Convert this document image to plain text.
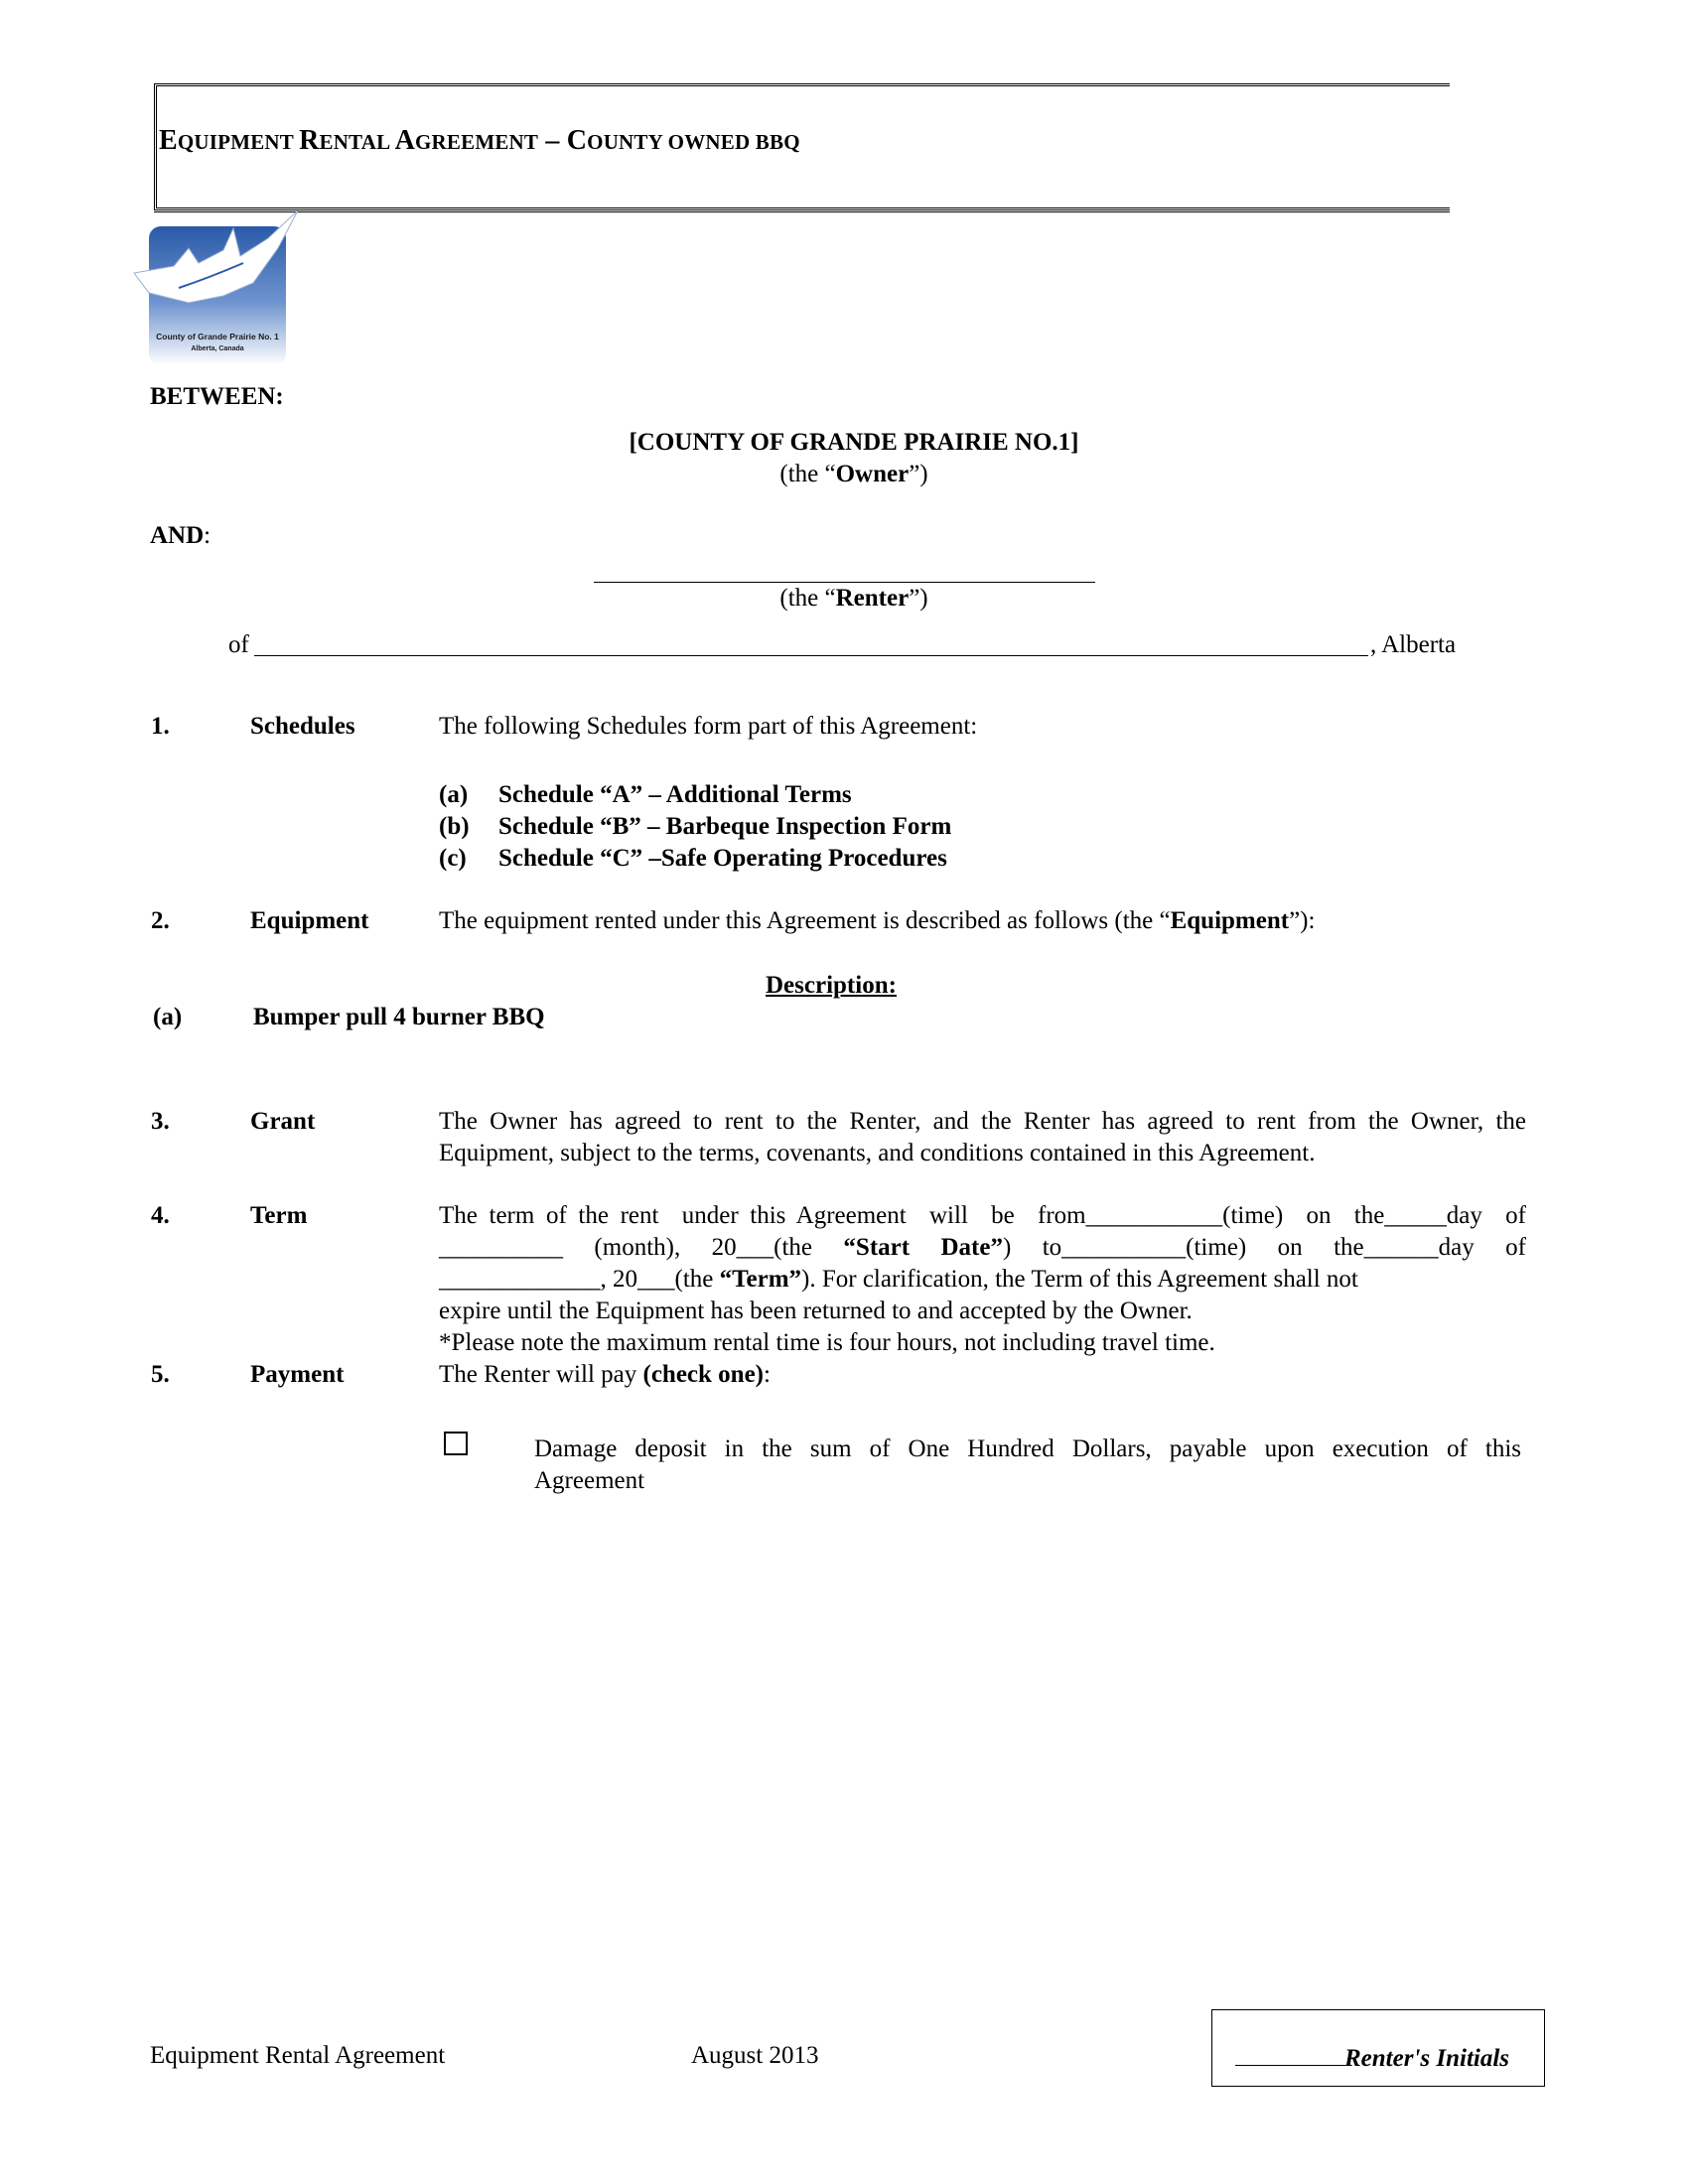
EQUIPMENT RENTAL AGREEMENT – COUNTY OWNED BBQ
County of Grande Prairie No. 1
Alberta, Canada
BETWEEN:
[COUNTY OF GRANDE PRAIRIE NO.1]
(the “Owner”)
AND:
(the “Renter”)
of	, Alberta
1.	Schedules	The following Schedules form part of this Agreement:
(a) Schedule “A” – Additional Terms
(b) Schedule “B” – Barbeque Inspection Form
(c) Schedule “C” –Safe Operating Procedures
2.	Equipment	The equipment rented under this Agreement is described as follows (the “Equipment”):
Description:
(a)	Bumper pull 4 burner BBQ
3.	Grant	The Owner has agreed to rent to the Renter, and the Renter has agreed to rent from the Owner, the
Equipment, subject to the terms, covenants, and conditions contained in this Agreement.
4.	Term	The term of the rent  under this Agreement  will  be  from___________(time)  on  the_____day  of
__________  (month),  20___(the  “Start  Date”)  to__________(time)  on  the______day  of
_____________, 20___(the “Term”). For clarification, the Term of this Agreement shall not
expire until the Equipment has been returned to and accepted by the Owner.
*Please note the maximum rental time is four hours, not including travel time.
5.	Payment	The Renter will pay (check one):
Damage deposit in the sum of One Hundred Dollars, payable upon execution of this
Agreement
Equipment Rental Agreement	August 2013	Renter's Initials
